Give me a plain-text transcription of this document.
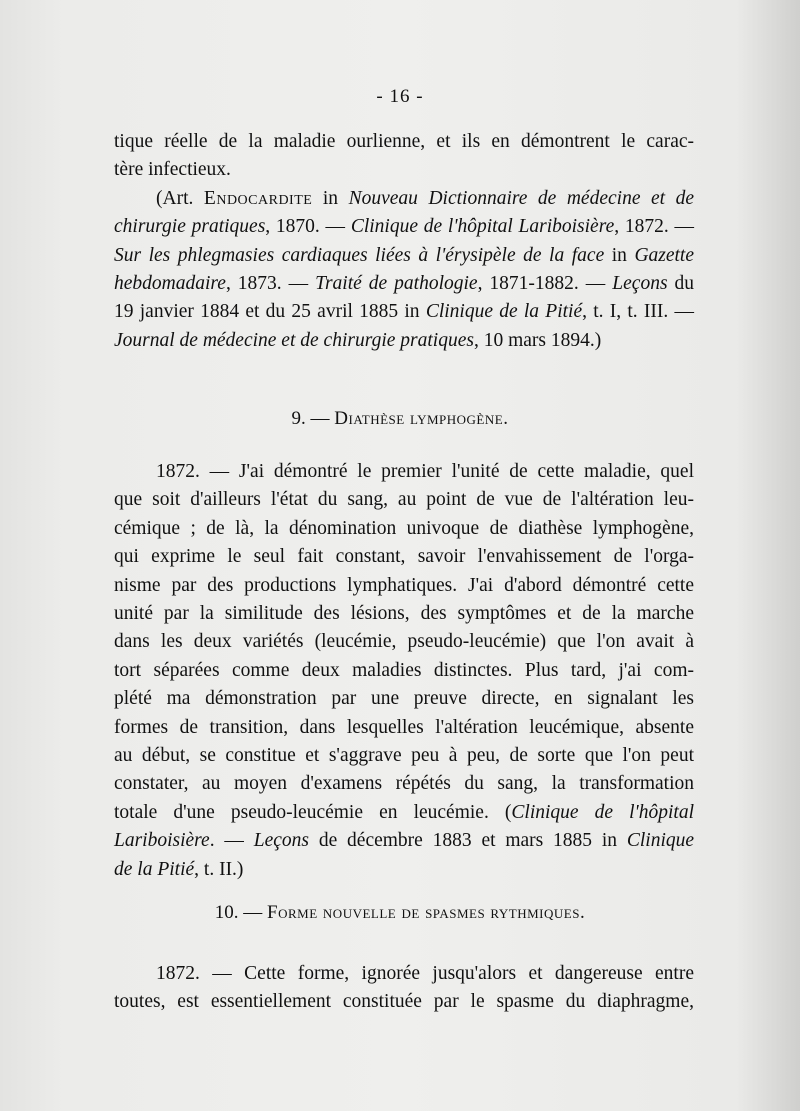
- 16 -
tique réelle de la maladie ourlienne, et ils en démontrent le carac-
tère infectieux.
(Art. Endocardite in Nouveau Dictionnaire de médecine et de chirurgie pratiques, 1870. — Clinique de l'hôpital Lariboisière, 1872. — Sur les phlegmasies cardiaques liées à l'érysipèle de la face in Gazette hebdomadaire, 1873. — Traité de pathologie, 1871-1882. — Leçons du 19 janvier 1884 et du 25 avril 1885 in Clinique de la Pitié, t. I, t. III. — Journal de médecine et de chirurgie pratiques, 10 mars 1894.)
9. — Diathèse lymphogène.
1872. — J'ai démontré le premier l'unité de cette maladie, quel
que soit d'ailleurs l'état du sang, au point de vue de l'altération leu-
cémique ; de là, la dénomination univoque de diathèse lymphogène,
qui exprime le seul fait constant, savoir l'envahissement de l'orga-
nisme par des productions lymphatiques. J'ai d'abord démontré cette
unité par la similitude des lésions, des symptômes et de la marche
dans les deux variétés (leucémie, pseudo-leucémie) que l'on avait à
tort séparées comme deux maladies distinctes. Plus tard, j'ai com-
plété ma démonstration par une preuve directe, en signalant les
formes de transition, dans lesquelles l'altération leucémique, absente
au début, se constitue et s'aggrave peu à peu, de sorte que l'on peut
constater, au moyen d'examens répétés du sang, la transformation
totale d'une pseudo-leucémie en leucémie. (Clinique de l'hôpital
Lariboisière. — Leçons de décembre 1883 et mars 1885 in Clinique
de la Pitié, t. II.)
10. — Forme nouvelle de spasmes rythmiques.
1872. — Cette forme, ignorée jusqu'alors et dangereuse entre
toutes, est essentiellement constituée par le spasme du diaphragme,
